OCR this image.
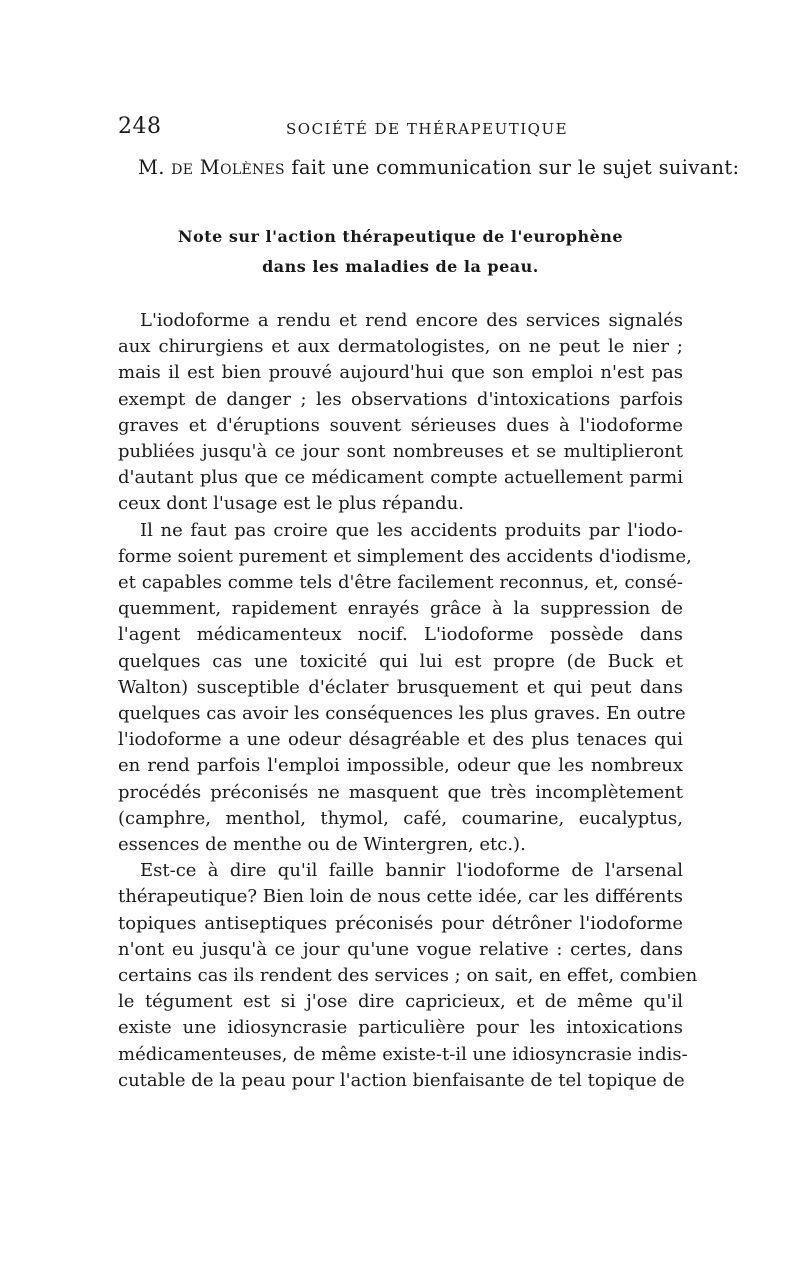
248	SOCIÉTÉ DE THÉRAPEUTIQUE

M. de Molènes fait une communication sur le sujet suivant:

Note sur l'action thérapeutique de l'europhène
dans les maladies de la peau.

L'iodoforme a rendu et rend encore des services signalés
aux chirurgiens et aux dermatologistes, on ne peut le nier ;
mais il est bien prouvé aujourd'hui que son emploi n'est pas
exempt de danger ; les observations d'intoxications parfois
graves et d'éruptions souvent sérieuses dues à l'iodoforme
publiées jusqu'à ce jour sont nombreuses et se multiplieront
d'autant plus que ce médicament compte actuellement parmi
ceux dont l'usage est le plus répandu.

Il ne faut pas croire que les accidents produits par l'iodo-
forme soient purement et simplement des accidents d'iodisme,
et capables comme tels d'être facilement reconnus, et, consé-
quemment, rapidement enrayés grâce à la suppression de
l'agent médicamenteux nocif. L'iodoforme possède dans
quelques cas une toxicité qui lui est propre (de Buck et
Walton) susceptible d'éclater brusquement et qui peut dans
quelques cas avoir les conséquences les plus graves. En outre
l'iodoforme a une odeur désagréable et des plus tenaces qui
en rend parfois l'emploi impossible, odeur que les nombreux
procédés préconisés ne masquent que très incomplètement
(camphre, menthol, thymol, café, coumarine, eucalyptus,
essences de menthe ou de Wintergren, etc.).

Est-ce à dire qu'il faille bannir l'iodoforme de l'arsenal
thérapeutique? Bien loin de nous cette idée, car les différents
topiques antiseptiques préconisés pour détrôner l'iodoforme
n'ont eu jusqu'à ce jour qu'une vogue relative : certes, dans
certains cas ils rendent des services ; on sait, en effet, combien
le tégument est si j'ose dire capricieux, et de même qu'il
existe une idiosyncrasie particulière pour les intoxications
médicamenteuses, de même existe-t-il une idiosyncrasie indis-
cutable de la peau pour l'action bienfaisante de tel topique de
